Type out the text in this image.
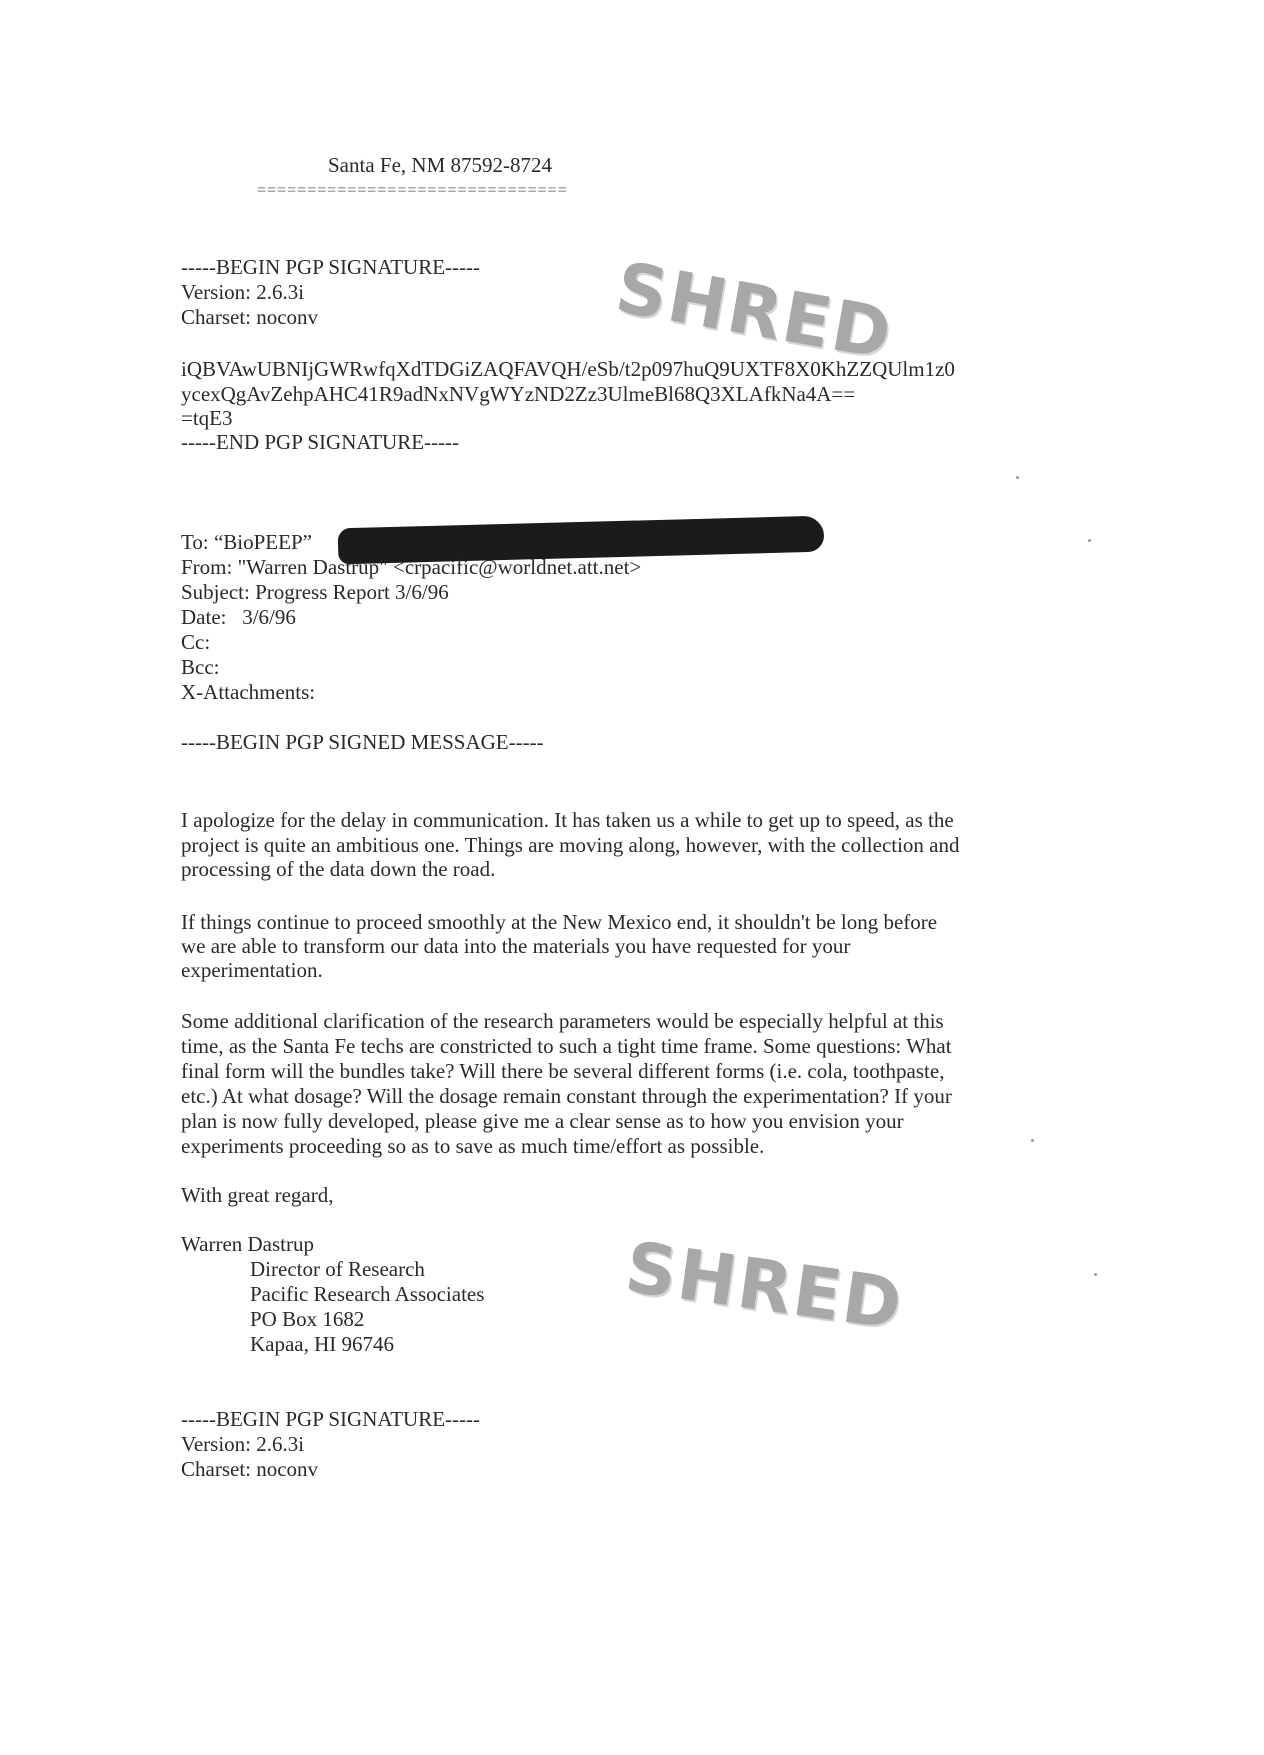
Santa Fe, NM 87592-8724
===============================
-----BEGIN PGP SIGNATURE-----
Version: 2.6.3i
Charset: noconv
iQBVAwUBNIjGWRwfqXdTDGiZAQFAVQH/eSb/t2p097huQ9UXTF8X0KhZZQUlm1z0
ycexQgAvZehpAHC41R9adNxNVgWYzND2Zz3UlmeBl68Q3XLAfkNa4A==
=tqE3
-----END PGP SIGNATURE-----
SHRED
To: “BioPEEP”
From: "Warren Dastrup" <crpacific@worldnet.att.net>
Subject: Progress Report 3/6/96
Date:   3/6/96
Cc:
Bcc:
X-Attachments:
-----BEGIN PGP SIGNED MESSAGE-----
I apologize for the delay in communication. It has taken us a while to get up to speed, as the
project is quite an ambitious one. Things are moving along, however, with the collection and
processing of the data down the road.
If things continue to proceed smoothly at the New Mexico end, it shouldn't be long before
we are able to transform our data into the materials you have requested for your
experimentation.
Some additional clarification of the research parameters would be especially helpful at this
time, as the Santa Fe techs are constricted to such a tight time frame. Some questions: What
final form will the bundles take? Will there be several different forms (i.e. cola, toothpaste,
etc.) At what dosage? Will the dosage remain constant through the experimentation? If your
plan is now fully developed, please give me a clear sense as to how you envision your
experiments proceeding so as to save as much time/effort as possible.
With great regard,
Warren Dastrup
Director of Research
Pacific Research Associates
PO Box 1682
Kapaa, HI 96746	SHRED
-----BEGIN PGP SIGNATURE-----
Version: 2.6.3i
Charset: noconv
